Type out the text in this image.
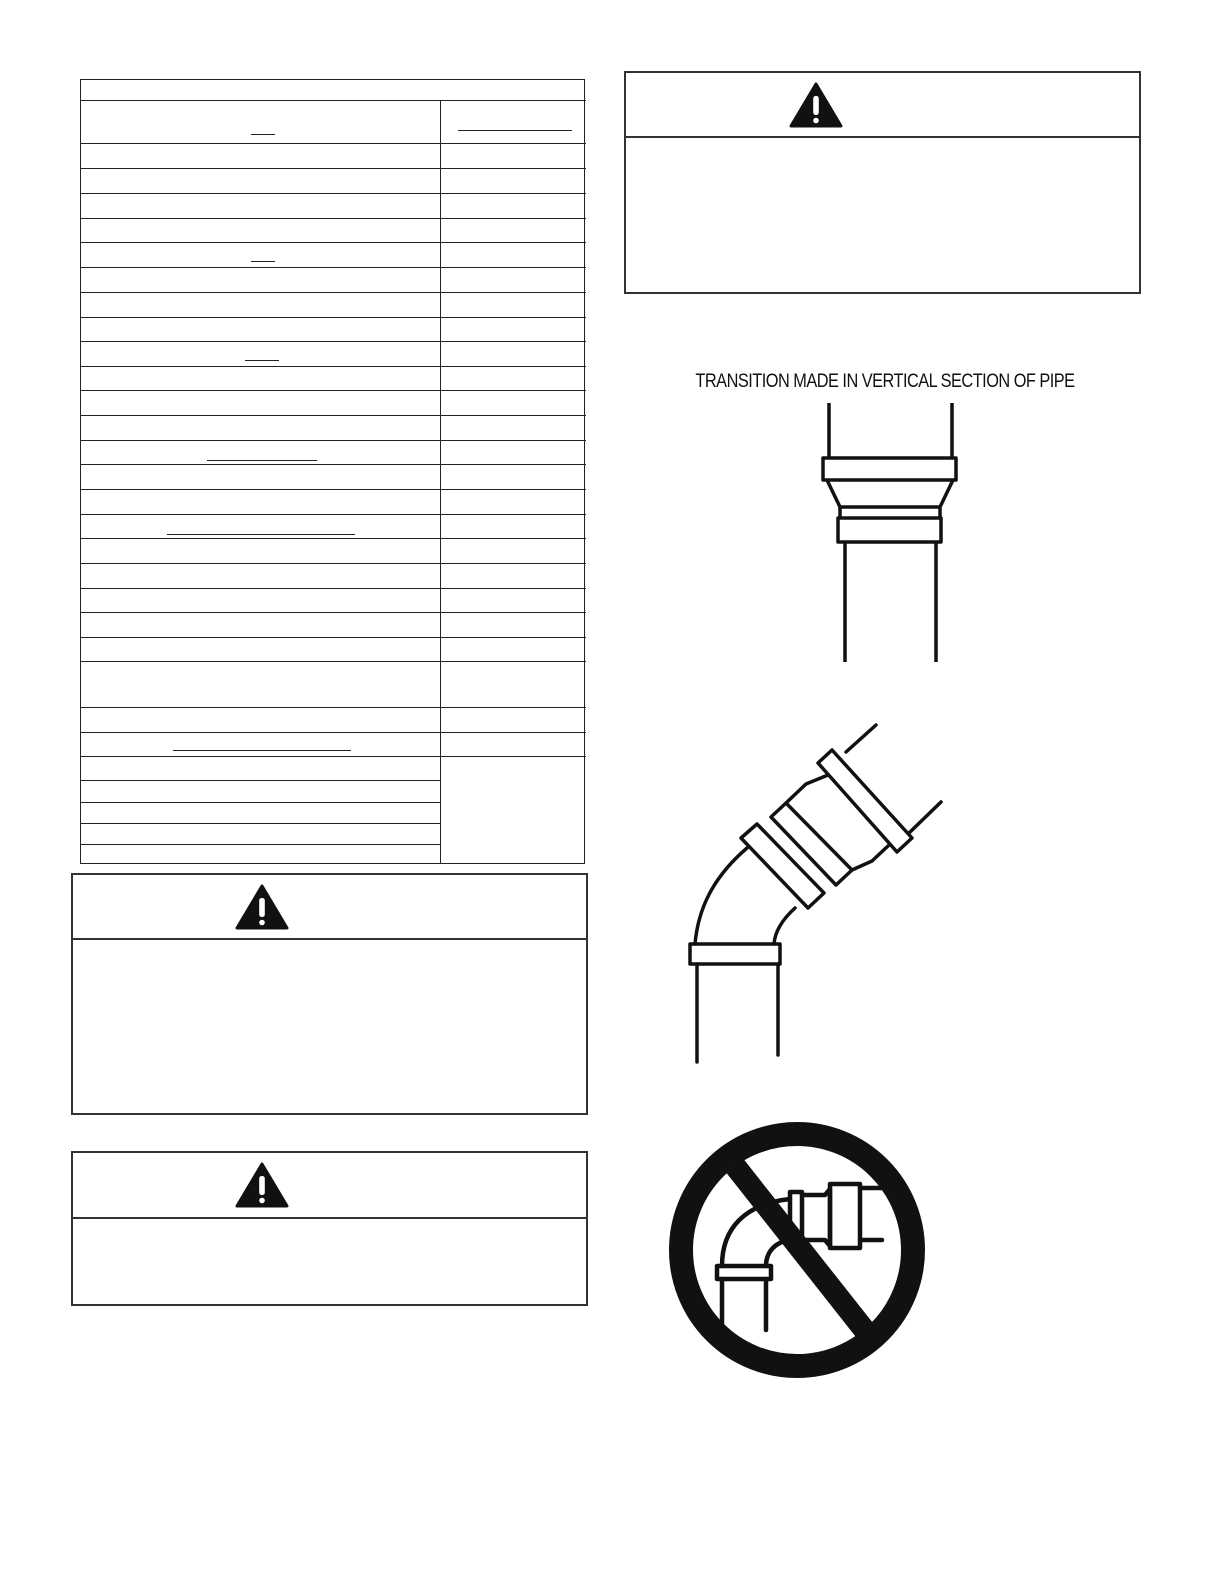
TRANSITION MADE IN VERTICAL SECTION OF PIPE
